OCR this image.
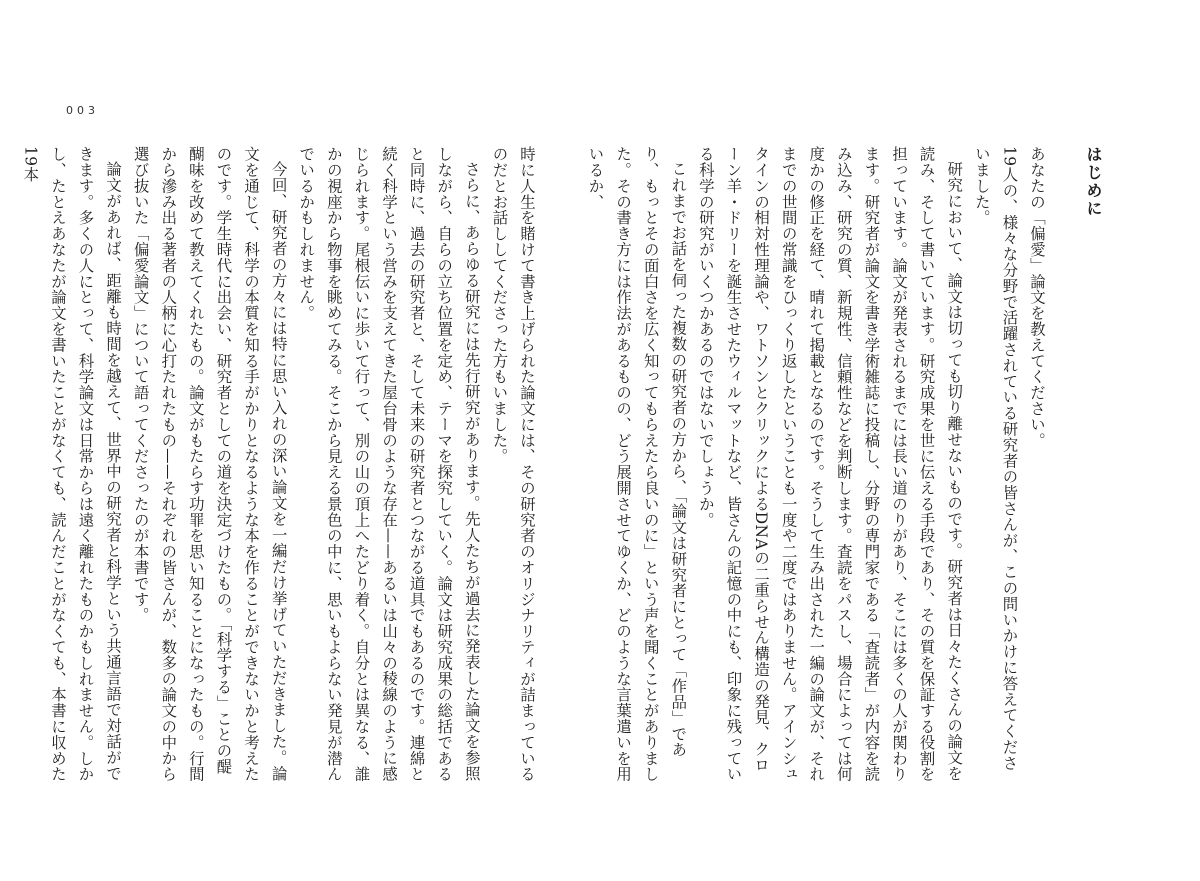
003

時に人生を賭けて書き上げられた論文には、その研究者のオリジナリティが詰まっているのだとお話ししてくださった方もいました。

さらに、あらゆる研究には先行研究があります。先人たちが過去に発表した論文を参照しながら、自らの立ち位置を定め、テーマを探究していく。論文は研究成果の総括であると同時に、過去の研究者と、そして未来の研究者とつながる道具でもあるのです。連綿と続く科学という営みを支えてきた屋台骨のような存在——あるいは山々の稜線のように感じられます。尾根伝いに歩いて行って、別の山の頂上へたどり着く。自分とは異なる、誰かの視座から物事を眺めてみる。そこから見える景色の中に、思いもよらない発見が潜んでいるかもしれません。

今回、研究者の方々には特に思い入れの深い論文を一編だけ挙げていただきました。論文を通じて、科学の本質を知る手がかりとなるような本を作ることができないかと考えたのです。学生時代に出会い、研究者としての道を決定づけたもの。「科学する」ことの醍醐味を改めて教えてくれたもの。論文がもたらす功罪を思い知ることになったもの。行間から滲み出る著者の人柄に心打たれたもの——それぞれの皆さんが、数多の論文の中から選び抜いた「偏愛論文」について語ってくださったのが本書です。

論文があれば、距離も時間を越えて、世界中の研究者と科学という共通言語で対話ができます。多くの人にとって、科学論文は日常からは遠く離れたものかもしれません。しかし、たとえあなたが論文を書いたことがなくても、読んだことがなくても、本書に収めた19本	はじめに

あなたの「偏愛」論文を教えてください。

19人の、様々な分野で活躍されている研究者の皆さんが、この問いかけに答えてくださいました。

研究において、論文は切っても切り離せないものです。研究者は日々たくさんの論文を読み、そして書いています。研究成果を世に伝える手段であり、その質を保証する役割を担っています。論文が発表されるまでには長い道のりがあり、そこには多くの人が関わります。研究者が論文を書き学術雑誌に投稿し、分野の専門家である「査読者」が内容を読み込み、研究の質、新規性、信頼性などを判断します。査読をパスし、場合によっては何度かの修正を経て、晴れて掲載となるのです。そうして生み出された一編の論文が、それまでの世間の常識をひっくり返したということも一度や二度ではありません。アインシュタインの相対性理論や、ワトソンとクリックによるDNAの二重らせん構造の発見、クローン羊・ドリーを誕生させたウィルマットなど、皆さんの記憶の中にも、印象に残っている科学の研究がいくつかあるのではないでしょうか。

これまでお話を伺った複数の研究者の方から、「論文は研究者にとって「作品」であり、もっとその面白さを広く知ってもらえたら良いのに」という声を聞くことがありました。その書き方には作法があるものの、どう展開させてゆくか、どのような言葉遣いを用いるか、
